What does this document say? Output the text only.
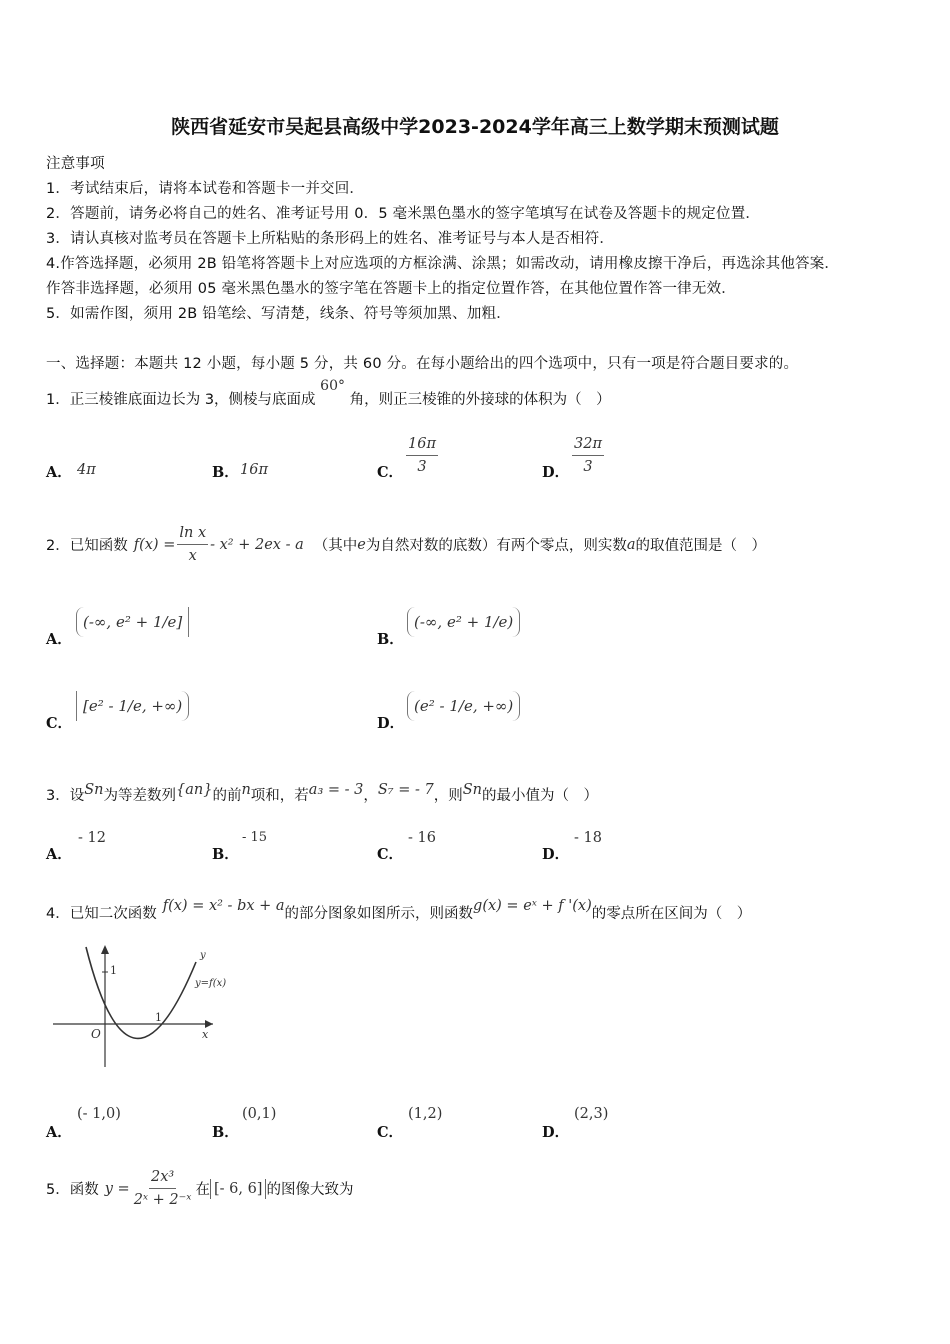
陕西省延安市吴起县高级中学2023-2024学年高三上数学期末预测试题
注意事项
1．考试结束后，请将本试卷和答题卡一并交回．
2．答题前，请务必将自己的姓名、准考证号用 0．5 毫米黑色墨水的签字笔填写在试卷及答题卡的规定位置．
3．请认真核对监考员在答题卡上所粘贴的条形码上的姓名、准考证号与本人是否相符．
4.作答选择题，必须用 2B 铅笔将答题卡上对应选项的方框涂满、涂黑；如需改动，请用橡皮擦干净后，再选涂其他答案．
作答非选择题，必须用 05 毫米黑色墨水的签字笔在答题卡上的指定位置作答，在其他位置作答一律无效．
5．如需作图，须用 2B 铅笔绘、写清楚，线条、符号等须加黑、加粗．
一、选择题：本题共 12 小题，每小题 5 分，共 60 分。在每小题给出的四个选项中，只有一项是符合题目要求的。
1．正三棱锥底面边长为 3，侧棱与底面成 60° 角，则正三棱锥的外接球的体积为（　）
A． 4π	B． 16π	C． $\frac{16\pi}{3}$	D． $\frac{32\pi}{3}$
2．已知函数 $f(x) = \frac{\text{ln x}}{x} - x^2 + 2ex - a$ （其中 e 为自然对数的底数）有两个零点，则实数 a 的取值范围是（　）
A．
(-∞, e² + 1/e]
B．
(-∞, e² + 1/e)
C．
[e² - 1/e, +∞)
D．
(e² - 1/e, +∞)
3．设Sn为等差数列{an}的前n项和，若a₃ = - 3，S₇ = - 7，则Sn的最小值为（　）
A．
- 12
B．
- 15
C．
- 16
D．
- 18
4．已知二次函数 f(x) = x² - bx + a的部分图象如图所示，则函数g(x) = eˣ + f '(x)的零点所在区间为（　）
y
1
y=f(x)
1
O	x
A．
(- 1,0)
B．
(0,1)
C．
(1,2)
D．
(2,3)
5．函数 $y = \frac{\text{2x³}}{\text{2ˣ + 2⁻ˣ}}$ 在 [- 6, 6] 的图像大致为
